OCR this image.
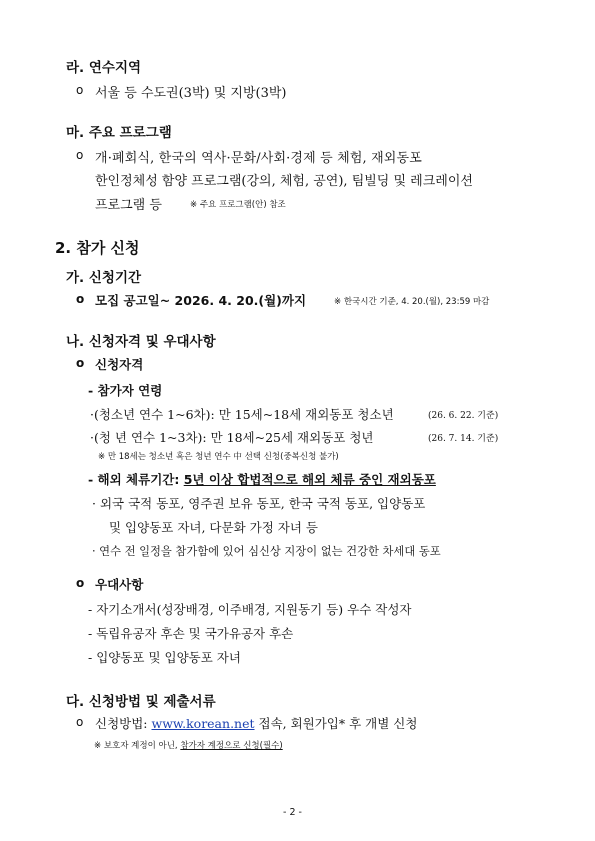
라. 연수지역
o 서울 등 수도권(3박) 및 지방(3박)
마. 주요 프로그램
o 개·폐회식, 한국의 역사·문화/사회·경제 등 체험, 재외동포
한인정체성 함양 프로그램(강의, 체험, 공연), 팀빌딩 및 레크레이션
프로그램 등	※ 주요 프로그램(안) 참조
2. 참가 신청
가. 신청기간
o 모집 공고일~ 2026. 4. 20.(월)까지	※ 한국시간 기준, 4. 20.(월), 23:59 마감
나. 신청자격 및 우대사항
o 신청자격
- 참가자 연령
·(청소년 연수 1~6차): 만 15세~18세 재외동포 청소년	(26. 6. 22. 기준)
·(청 년 연수 1~3차): 만 18세~25세 재외동포 청년	(26. 7. 14. 기준)
※ 만 18세는 청소년 혹은 청년 연수 中 선택 신청(중복신청 불가)
- 해외 체류기간: 5년 이상 합법적으로 해외 체류 중인 재외동포
· 외국 국적 동포, 영주권 보유 동포, 한국 국적 동포, 입양동포
및 입양동포 자녀, 다문화 가정 자녀 등
· 연수 전 일정을 참가함에 있어 심신상 지장이 없는 건강한 차세대 동포
o 우대사항
- 자기소개서(성장배경, 이주배경, 지원동기 등) 우수 작성자
- 독립유공자 후손 및 국가유공자 후손
- 입양동포 및 입양동포 자녀
다. 신청방법 및 제출서류
o 신청방법: www.korean.net 접속, 회원가입* 후 개별 신청
※ 보호자 계정이 아닌, 참가자 계정으로 신청(필수)
- 2 -
